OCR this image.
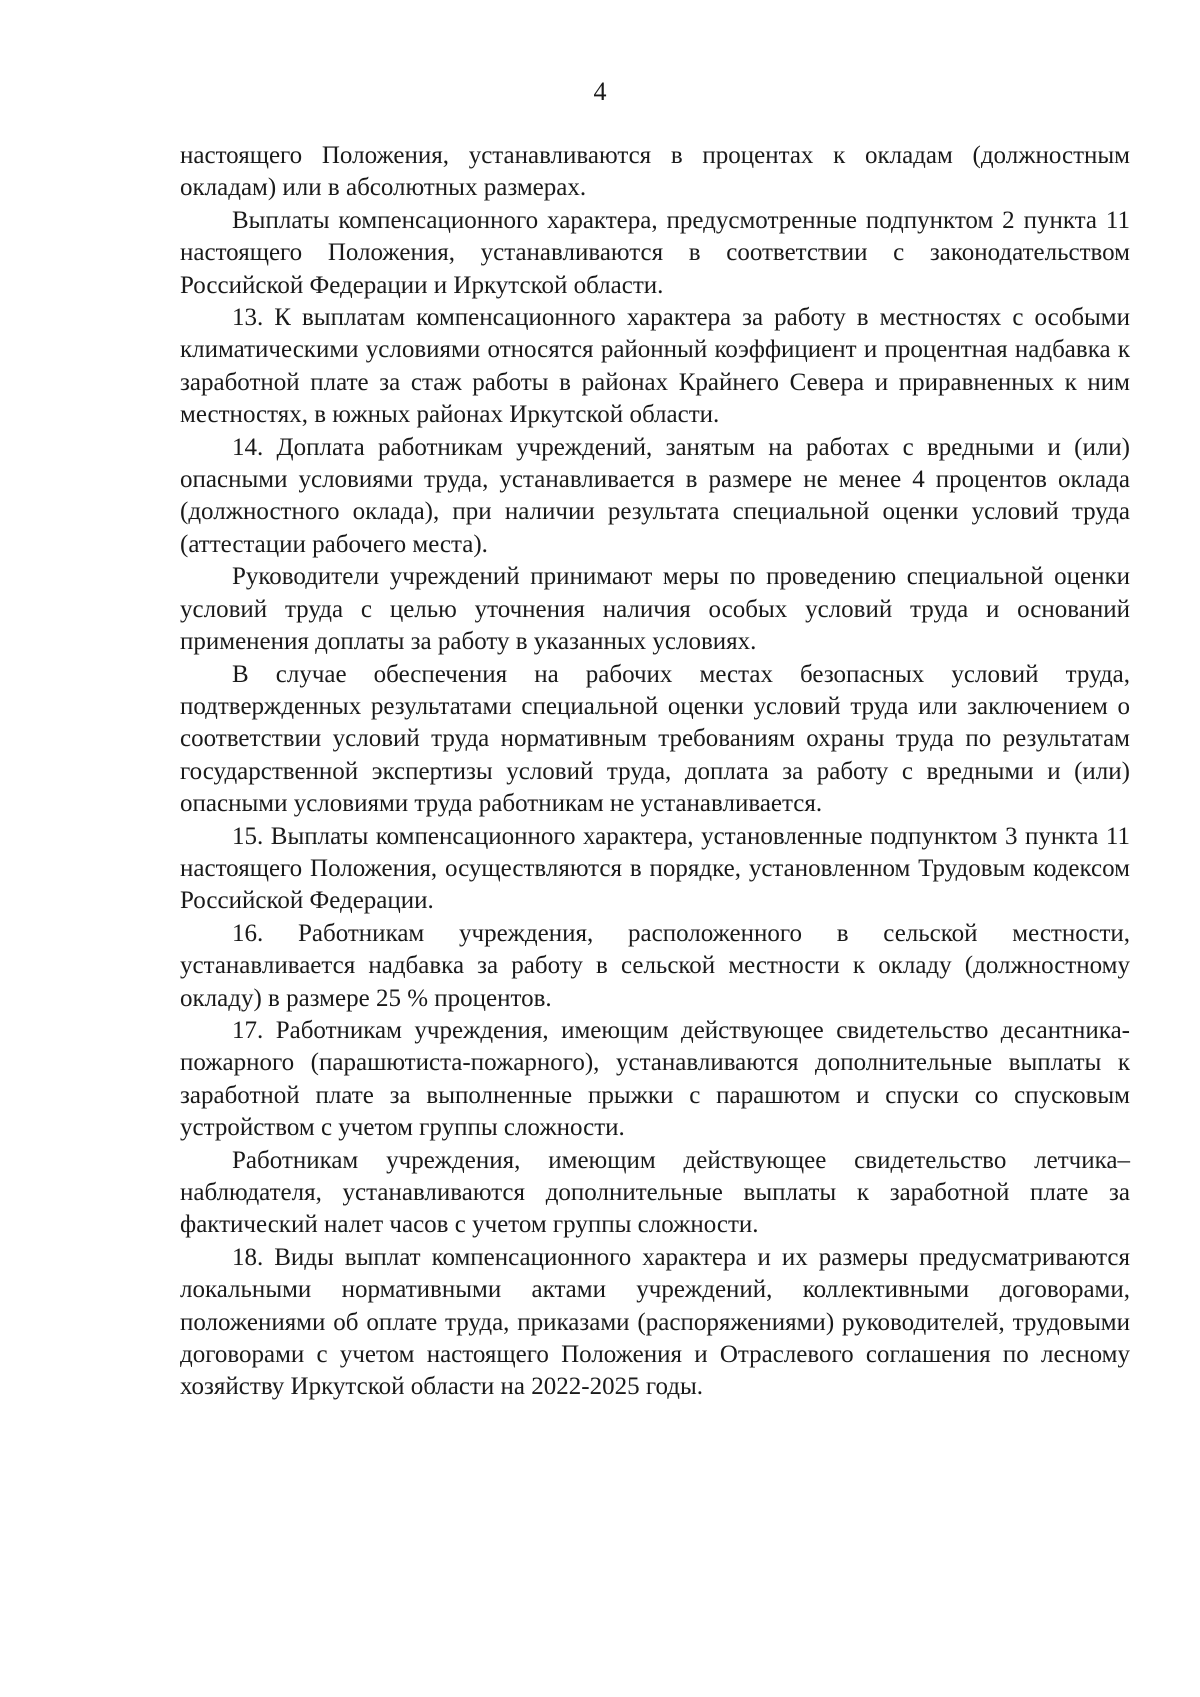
4

настоящего Положения, устанавливаются в процентах к окладам (должностным окладам) или в абсолютных размерах.

Выплаты компенсационного характера, предусмотренные подпунктом 2 пункта 11 настоящего Положения, устанавливаются в соответствии с законодательством Российской Федерации и Иркутской области.

13. К выплатам компенсационного характера за работу в местностях с особыми климатическими условиями относятся районный коэффициент и процентная надбавка к заработной плате за стаж работы в районах Крайнего Севера и приравненных к ним местностях, в южных районах Иркутской области.

14. Доплата работникам учреждений, занятым на работах с вредными и (или) опасными условиями труда, устанавливается в размере не менее 4 процентов оклада (должностного оклада), при наличии результата специальной оценки условий труда (аттестации рабочего места).

Руководители учреждений принимают меры по проведению специальной оценки условий труда с целью уточнения наличия особых условий труда и оснований применения доплаты за работу в указанных условиях.

В случае обеспечения на рабочих местах безопасных условий труда, подтвержденных результатами специальной оценки условий труда или заключением о соответствии условий труда нормативным требованиям охраны труда по результатам государственной экспертизы условий труда, доплата за работу с вредными и (или) опасными условиями труда работникам не устанавливается.

15. Выплаты компенсационного характера, установленные подпунктом 3 пункта 11 настоящего Положения, осуществляются в порядке, установленном Трудовым кодексом Российской Федерации.

16. Работникам учреждения, расположенного в сельской местности, устанавливается надбавка за работу в сельской местности к окладу (должностному окладу) в размере 25 % процентов.

17. Работникам учреждения, имеющим действующее свидетельство десантника-пожарного (парашютиста-пожарного), устанавливаются дополнительные выплаты к заработной плате за выполненные прыжки с парашютом и спуски со спусковым устройством с учетом группы сложности.

Работникам учреждения, имеющим действующее свидетельство летчика–наблюдателя, устанавливаются дополнительные выплаты к заработной плате за фактический налет часов с учетом группы сложности.

18. Виды выплат компенсационного характера и их размеры предусматриваются локальными нормативными актами учреждений, коллективными договорами, положениями об оплате труда, приказами (распоряжениями) руководителей, трудовыми договорами с учетом настоящего Положения и Отраслевого соглашения по лесному хозяйству Иркутской области на 2022-2025 годы.
